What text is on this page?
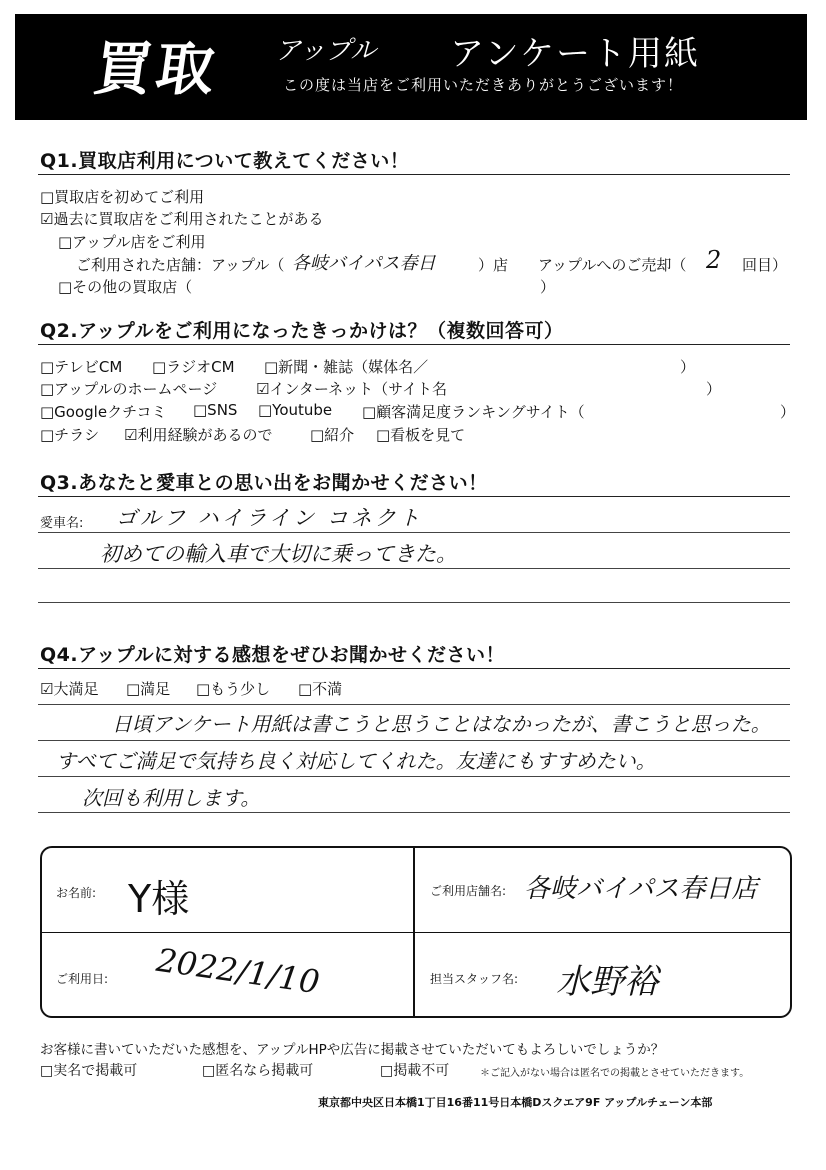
買取 アップル アンケート用紙
この度は当店をご利用いただきありがとうございます！
Q1.買取店利用について教えてください！
□買取店を初めてご利用
☑過去に買取店をご利用されたことがある
□アップル店をご利用
ご利用された店舗：アップル（ 各岐バイパス春日	）店 アップルへのご売却（ 2 回目）
□その他の買取店（	）
Q2.アップルをご利用になったきっかけは？（複数回答可）
□テレビCM □ラジオCM □新聞・雑誌（媒体名／	）
□アップルのホームページ	☑インターネット（サイト名	）
□Googleクチコミ □SNS □Youtube □顧客満足度ランキングサイト（	）
□チラシ ☑利用経験があるので	□紹介 □看板を見て
Q3.あなたと愛車との思い出をお聞かせください！
愛車名: ゴルフ ハイライン コネクト
初めての輸入車で大切に乗ってきた。
Q4.アップルに対する感想をぜひお聞かせください！
☑大満足 □満足 □もう少し □不満
日頃アンケート用紙は書こうと思うことはなかったが、書こうと思った。
すべてご満足で気持ち良く対応してくれた。友達にもすすめたい。
次回も利用します。
お名前: Y様	ご利用店舗名: 各岐バイパス春日店
ご利用日: 2022/1/10	担当スタッフ名: 水野裕
お客様に書いていただいた感想を、アップルHPや広告に掲載させていただいてもよろしいでしょうか？
□実名で掲載可	□匿名なら掲載可	□掲載不可	＊ご記入がない場合は匿名での掲載とさせていただきます。
東京都中央区日本橋1丁目16番11号日本橋Dスクエア9F アップルチェーン本部
